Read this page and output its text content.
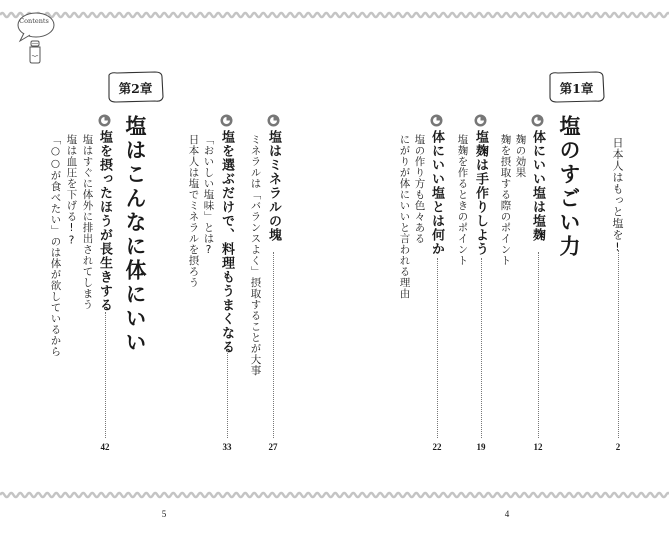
Contents
日本人はもっと塩を!
2
第1章
塩のすごい力
体にいい塩は塩麹
麹の効果
麹を摂取する際のポイント
12
塩麹は手作りしよう
塩麹を作るときのポイント
19
体にいい塩とは何か
塩の作り方も色々ある
にがりが体にいいと言われる理由
22
第2章
塩はこんなに体にいい	塩はミネラルの塊
ミネラルは「バランスよく」摂取することが大事
27
塩を選ぶだけで、料理もうまくなる
「おいしい塩味」とは?
日本人は塩でミネラルを摂ろう
33
塩を摂ったほうが長生きする
塩はすぐに体外に排出されてしまう
塩は血圧を下げる!?
「○○が食べたい」のは体が欲しているから
42
5	4
